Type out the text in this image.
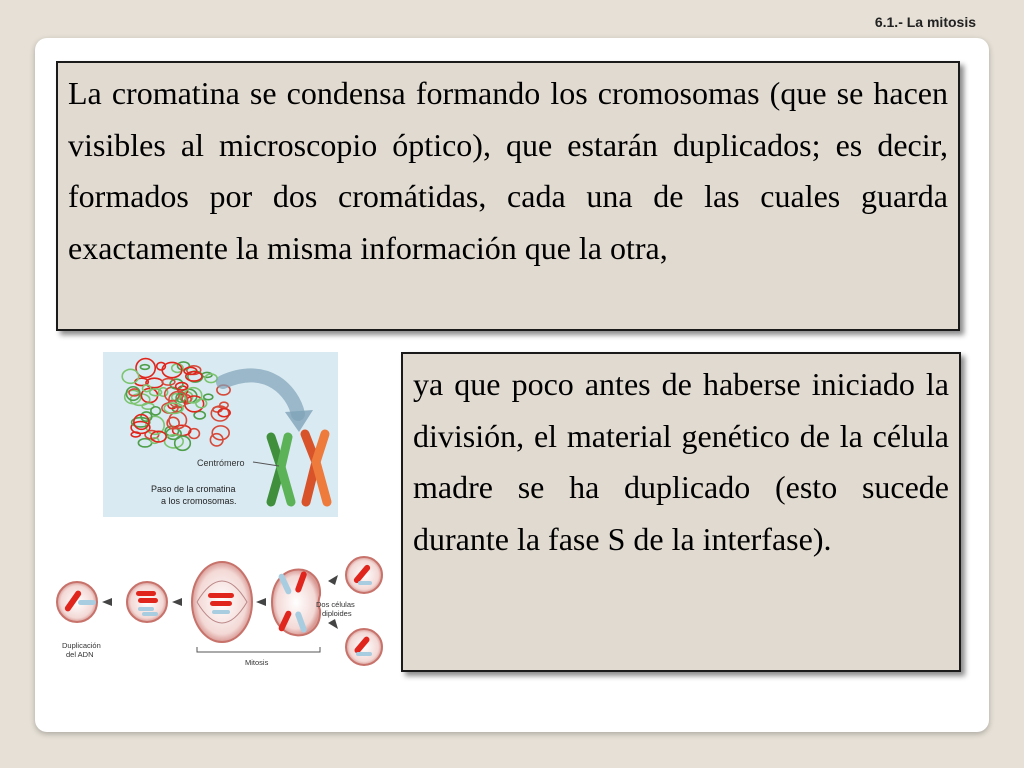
6.1.- La mitosis
La cromatina se condensa formando los cromosomas (que se hacen visibles al microscopio óptico), que estarán duplicados; es decir, formados por dos cromátidas, cada una de las cuales guarda exactamente la misma información que la otra,
Centrómero
Paso de la cromatina
a los cromosomas.
Duplicación
del ADN
Mitosis
Dos células
diploides
ya que poco antes de haberse iniciado la división, el material genético de la célula madre se ha duplicado (esto sucede durante la fase S de la interfase).
